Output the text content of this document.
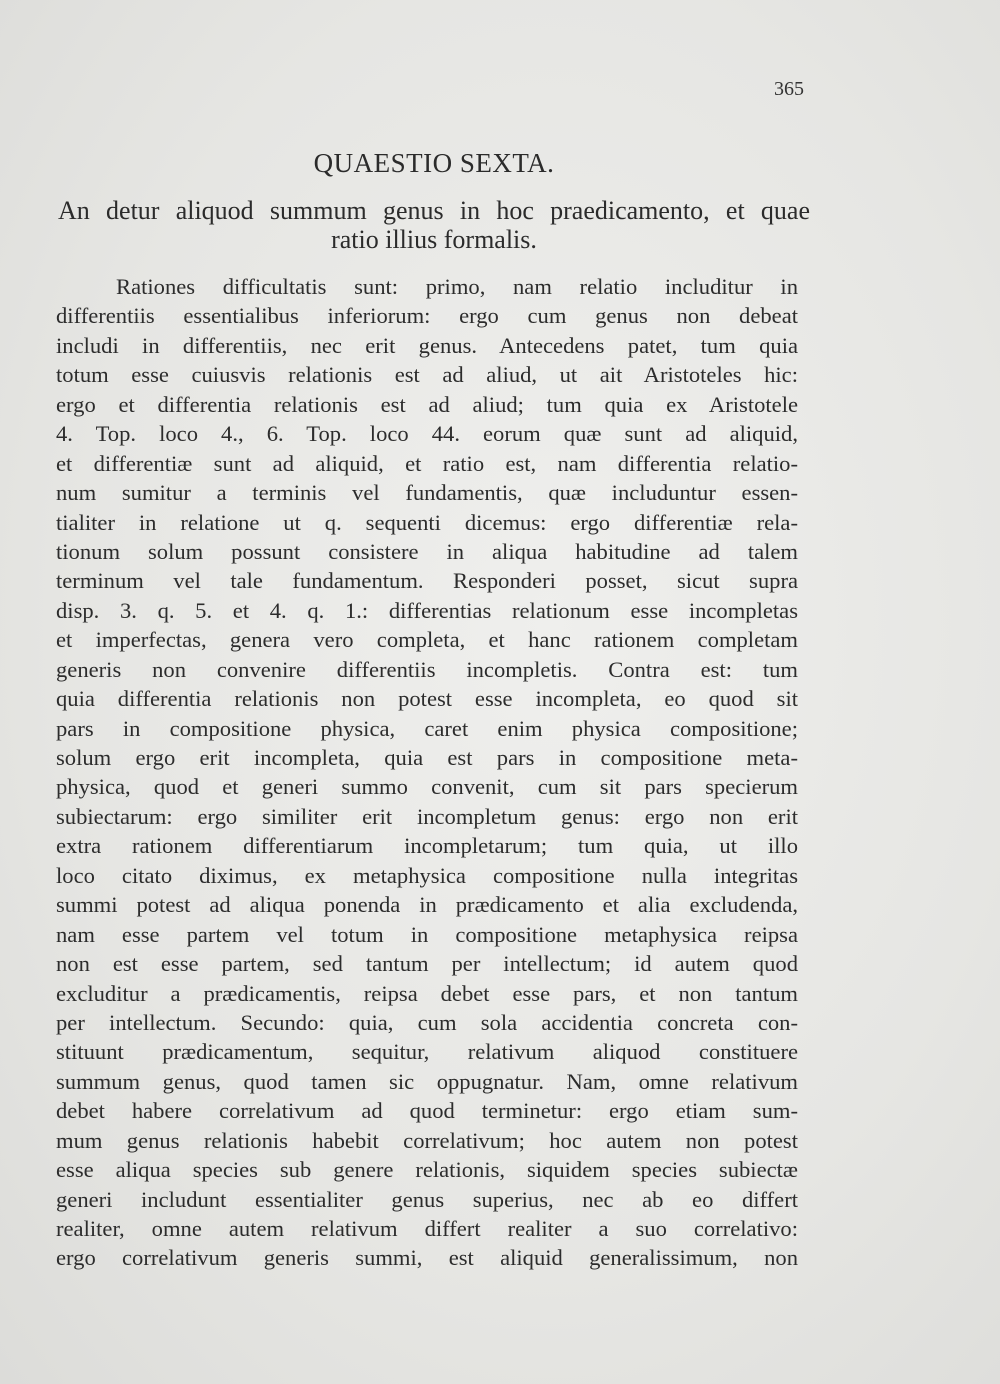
365
QUAESTIO SEXTA.
An detur aliquod summum genus in hoc praedicamento, et quae
ratio illius formalis.
Rationes difficultatis sunt: primo, nam relatio includitur in
differentiis essentialibus inferiorum: ergo cum genus non debeat
includi in differentiis, nec erit genus. Antecedens patet, tum quia
totum esse cuiusvis relationis est ad aliud, ut ait Aristoteles hic:
ergo et differentia relationis est ad aliud; tum quia ex Aristotele
4. Top. loco 4., 6. Top. loco 44. eorum quæ sunt ad aliquid,
et differentiæ sunt ad aliquid, et ratio est, nam differentia relatio-
num sumitur a terminis vel fundamentis, quæ includuntur essen-
tialiter in relatione ut q. sequenti dicemus: ergo differentiæ rela-
tionum solum possunt consistere in aliqua habitudine ad talem
terminum vel tale fundamentum. Responderi posset, sicut supra
disp. 3. q. 5. et 4. q. 1.: differentias relationum esse incompletas
et imperfectas, genera vero completa, et hanc rationem completam
generis non convenire differentiis incompletis. Contra est: tum
quia differentia relationis non potest esse incompleta, eo quod sit
pars in compositione physica, caret enim physica compositione;
solum ergo erit incompleta, quia est pars in compositione meta-
physica, quod et generi summo convenit, cum sit pars specierum
subiectarum: ergo similiter erit incompletum genus: ergo non erit
extra rationem differentiarum incompletarum; tum quia, ut illo
loco citato diximus, ex metaphysica compositione nulla integritas
summi potest ad aliqua ponenda in prædicamento et alia excludenda,
nam esse partem vel totum in compositione metaphysica reipsa
non est esse partem, sed tantum per intellectum; id autem quod
excluditur a prædicamentis, reipsa debet esse pars, et non tantum
per intellectum. Secundo: quia, cum sola accidentia concreta con-
stituunt prædicamentum, sequitur, relativum aliquod constituere
summum genus, quod tamen sic oppugnatur. Nam, omne relativum
debet habere correlativum ad quod terminetur: ergo etiam sum-
mum genus relationis habebit correlativum; hoc autem non potest
esse aliqua species sub genere relationis, siquidem species subiectæ
generi includunt essentialiter genus superius, nec ab eo differt
realiter, omne autem relativum differt realiter a suo correlativo:
ergo correlativum generis summi, est aliquid generalissimum, non
